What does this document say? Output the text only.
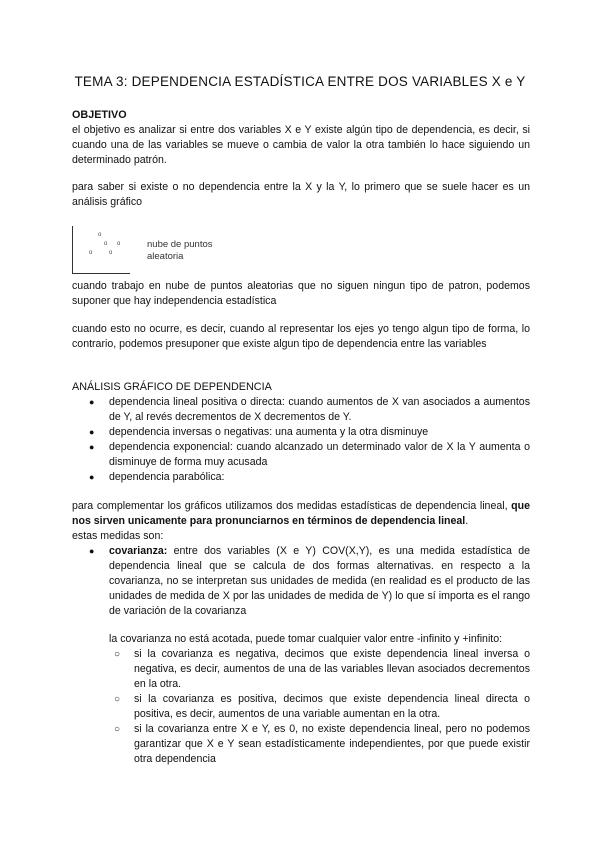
TEMA 3: DEPENDENCIA ESTADÍSTICA ENTRE DOS VARIABLES X e Y

OBJETIVO

el objetivo es analizar si entre dos variables X e Y existe algún tipo de dependencia, es decir, si cuando una de las variables se mueve o cambia de valor la otra también lo hace siguiendo un determinado patrón.

para saber si existe o no dependencia entre la X y la Y, lo primero que se suele hacer es un análisis gráfico
o
o o
o	o
nube de puntos
aleatoria
cuando trabajo en nube de puntos aleatorias que no siguen ningun tipo de patron, podemos suponer que hay independencia estadística
cuando esto no ocurre, es decir, cuando al representar los ejes yo tengo algun tipo de forma, lo contrario, podemos presuponer que existe algun tipo de dependencia entre las variables

ANÁLISIS GRÁFICO DE DEPENDENCIA

● dependencia lineal positiva o directa: cuando aumentos de X van asociados a aumentos de Y, al revés decrementos de X decrementos de Y.
● dependencia inversas o negativas: una aumenta y la otra disminuye
● dependencia exponencial: cuando alcanzado un determinado valor de X la Y aumenta o disminuye de forma muy acusada
● dependencia parabólica:

para complementar los gráficos utilizamos dos medidas estadísticas de dependencia lineal, que nos sirven unicamente para pronunciarnos en términos de dependencia lineal.

estas medidas son:

● covarianza: entre dos variables (X e Y) COV(X,Y), es una medida estadística de dependencia lineal que se calcula de dos formas alternativas. en respecto a la covarianza, no se interpretan sus unidades de medida (en realidad es el producto de las unidades de medida de X por las unidades de medida de Y) lo que sí importa es el rango de variación de la covarianza

la covarianza no está acotada, puede tomar cualquier valor entre -infinito y +infinito:

○ si la covarianza es negativa, decimos que existe dependencia lineal inversa o negativa, es decir, aumentos de una de las variables llevan asociados decrementos en la otra.
○ si la covarianza es positiva, decimos que existe dependencia lineal directa o positiva, es decir, aumentos de una variable aumentan en la otra.
○ si la covarianza entre X e Y, es 0, no existe dependencia lineal, pero no podemos garantizar que X e Y sean estadísticamente independientes, por que puede existir otra dependencia
